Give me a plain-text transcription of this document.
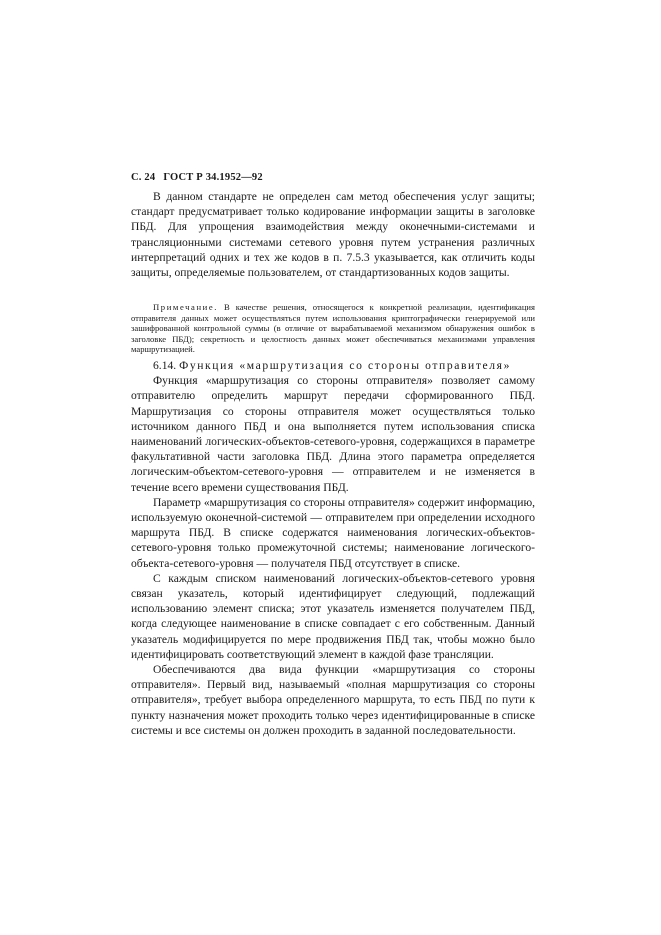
С. 24 ГОСТ Р 34.1952—92

В данном стандарте не определен сам метод обеспечения услуг защиты; стандарт предусматривает только кодирование информации защиты в заголовке ПБД. Для упрощения взаимодействия между оконечными-системами и трансляционными системами сетевого уровня путем устранения различных интерпретаций одних и тех же кодов в п. 7.5.3 указывается, как отличить коды защиты, определяемые пользователем, от стандартизованных кодов защиты.

Примечание. В качестве решения, относящегося к конкретной реализации, идентификация отправителя данных может осуществляться путем использования криптографически генерируемой или зашифрованной контрольной суммы (в отличие от вырабатываемой механизмом обнаружения ошибок в заголовке ПБД); секретность и целостность данных может обеспечиваться механизмами управления маршрутизацией.

6.14. Функция «маршрутизация со стороны отправителя»

Функция «маршрутизация со стороны отправителя» позволяет самому отправителю определить маршрут передачи сформированного ПБД. Маршрутизация со стороны отправителя может осуществляться только источником данного ПБД и она выполняется путем использования списка наименований логических-объектов-сетевого-уровня, содержащихся в параметре факультативной части заголовка ПБД. Длина этого параметра определяется логическим-объектом-сетевого-уровня — отправителем и не изменяется в течение всего времени существования ПБД.

Параметр «маршрутизация со стороны отправителя» содержит информацию, используемую оконечной-системой — отправителем при определении исходного маршрута ПБД. В списке содержатся наименования логических-объектов-сетевого-уровня только промежуточной системы; наименование логического-объекта-сетевого-уровня — получателя ПБД отсутствует в списке.

С каждым списком наименований логических-объектов-сетевого уровня связан указатель, который идентифицирует следующий, подлежащий использованию элемент списка; этот указатель изменяется получателем ПБД, когда следующее наименование в списке совпадает с его собственным. Данный указатель модифицируется по мере продвижения ПБД так, чтобы можно было идентифицировать соответствующий элемент в каждой фазе трансляции.

Обеспечиваются два вида функции «маршрутизация со стороны отправителя». Первый вид, называемый «полная маршрутизация со стороны отправителя», требует выбора определенного маршрута, то есть ПБД по пути к пункту назначения может проходить только через идентифицированные в списке системы и все системы он должен проходить в заданной последовательности.
